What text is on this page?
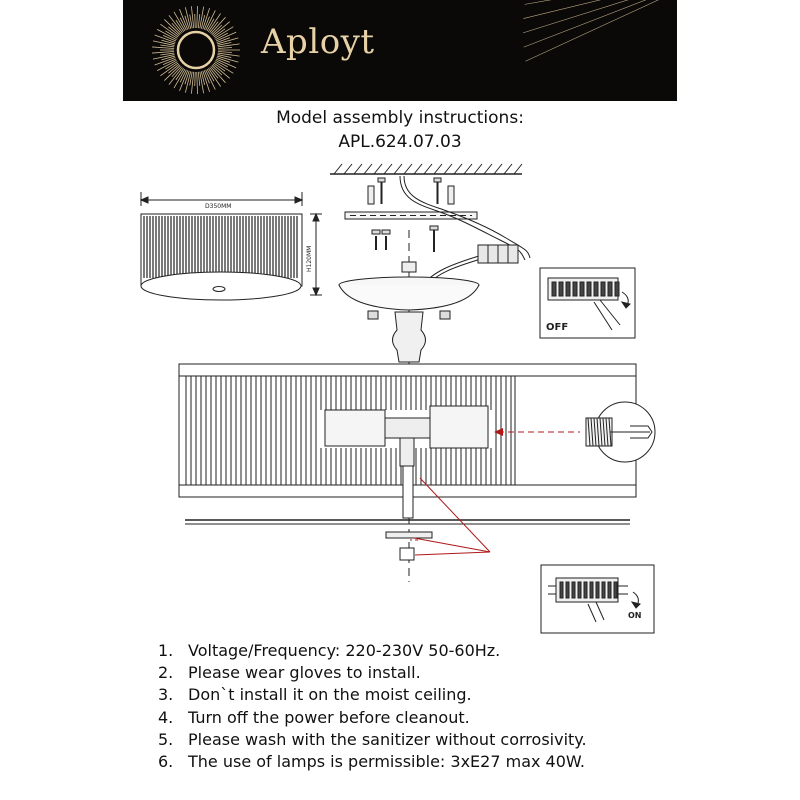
Aployt
Model assembly instructions:
APL.624.07.03
D350MM
H120MM
OFF
ON
1. Voltage/Frequency: 220-230V 50-60Hz.
2. Please wear gloves to install.
3. Don`t install it on the moist ceiling.
4. Turn off the power before cleanout.
5. Please wash with the sanitizer without corrosivity.
6. The use of lamps is permissible: 3xE27 max 40W.
